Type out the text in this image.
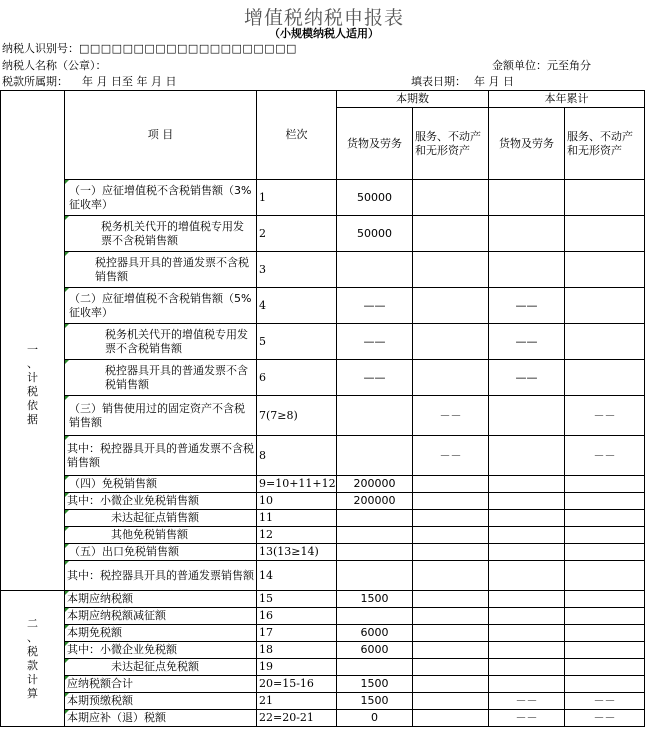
增值税纳税申报表
（小规模纳税人适用）
纳税人识别号：□□□□□□□□□□□□□□□□□□□□
纳税人名称（公章）：	金额单位：元至角分
税款所属期： 年 月 日至 年 月 日	填表日期： 年 月 日
	项 目	栏次	本期数		本年累计	
			货物及劳务	服务、不动产和无形资产	货物及劳务	服务、不动产和无形资产

一、计税依据	（一）应征增值税不含税销售额（3%征收率）	1	50000			
	税务机关代开的增值税专用发票不含税销售额	2	50000			
	税控器具开具的普通发票不含税销售额	3				
	（二）应征增值税不含税销售额（5%征收率）	4	——		——	
	税务机关代开的增值税专用发票不含税销售额	5	——		——	
	税控器具开具的普通发票不含税销售额	6	——		——	
	（三）销售使用过的固定资产不含税销售额	7(7≥8)		－－		－－
	其中：税控器具开具的普通发票不含税销售额	8		－－		－－
	（四）免税销售额	9=10+11+12	200000			
	其中：小微企业免税销售额	10	200000			
	未达起征点销售额	11				
	其他免税销售额	12				
	（五）出口免税销售额	13(13≥14)				
	其中：税控器具开具的普通发票销售额	14				

二、税款计算	本期应纳税额	15	1500			
	本期应纳税额减征额	16				
	本期免税额	17	6000			
	其中：小微企业免税额	18	6000			
	未达起征点免税额	19				
	应纳税额合计	20=15-16	1500			
	本期预缴税额	21	1500		－－	－－
	本期应补（退）税额	22=20-21	0		－－	－－
